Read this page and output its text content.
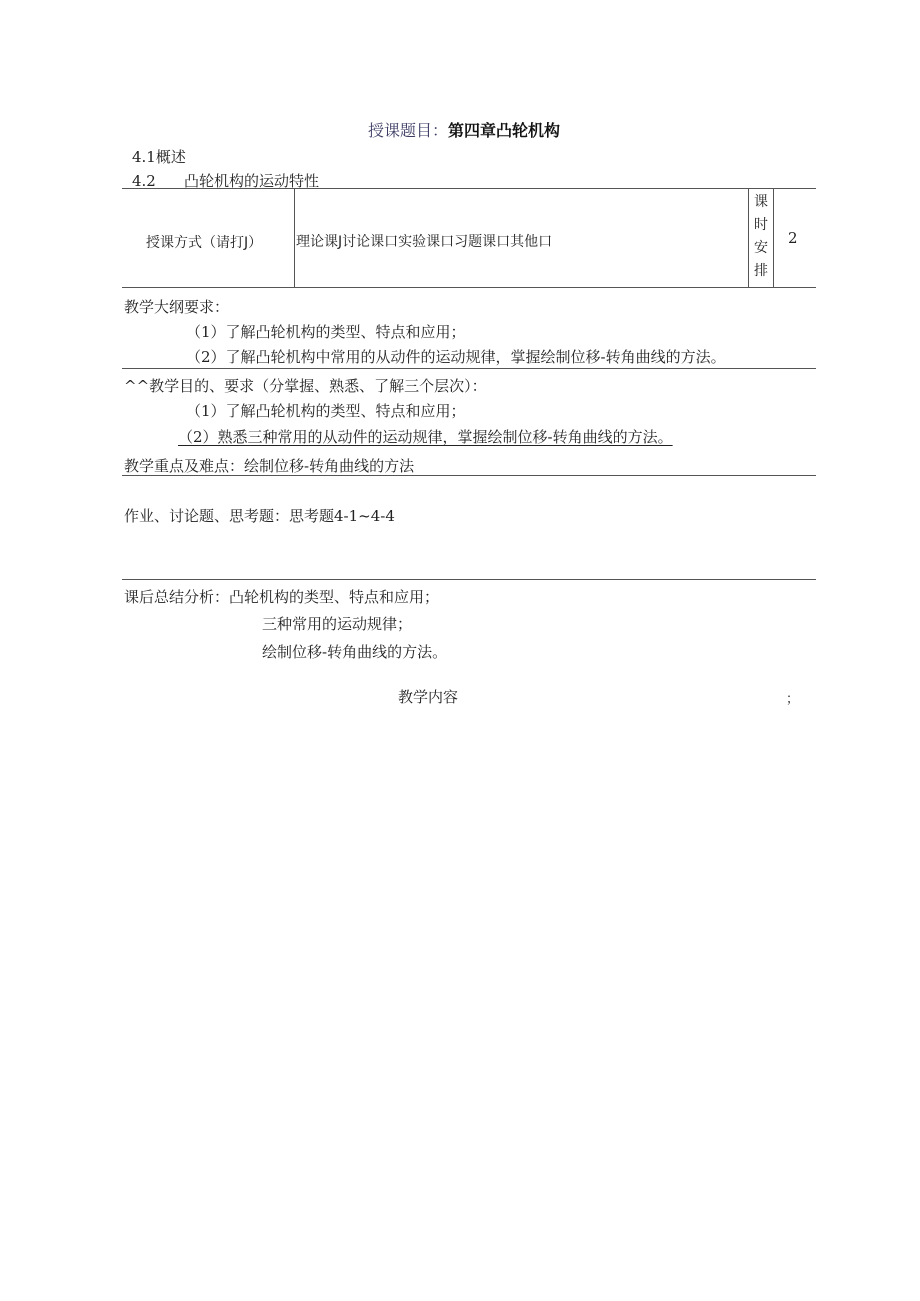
授课题目：第四章凸轮机构
4.1概述
4.2 凸轮机构的运动特性
授课方式（请打J） 理论课J讨论课口实验课口习题课口其他口
课时安排
2
教学大纲要求：
（1）了解凸轮机构的类型、特点和应用；
（2）了解凸轮机构中常用的从动件的运动规律，掌握绘制位移-转角曲线的方法。
^^教学目的、要求（分掌握、熟悉、了解三个层次）：
（1）了解凸轮机构的类型、特点和应用；
（2）熟悉三种常用的从动件的运动规律，掌握绘制位移-转角曲线的方法。
教学重点及难点：绘制位移-转角曲线的方法
作业、讨论题、思考题：思考题4-1~4-4
课后总结分析：凸轮机构的类型、特点和应用；
三种常用的运动规律；
绘制位移-转角曲线的方法。
教学内容	；
